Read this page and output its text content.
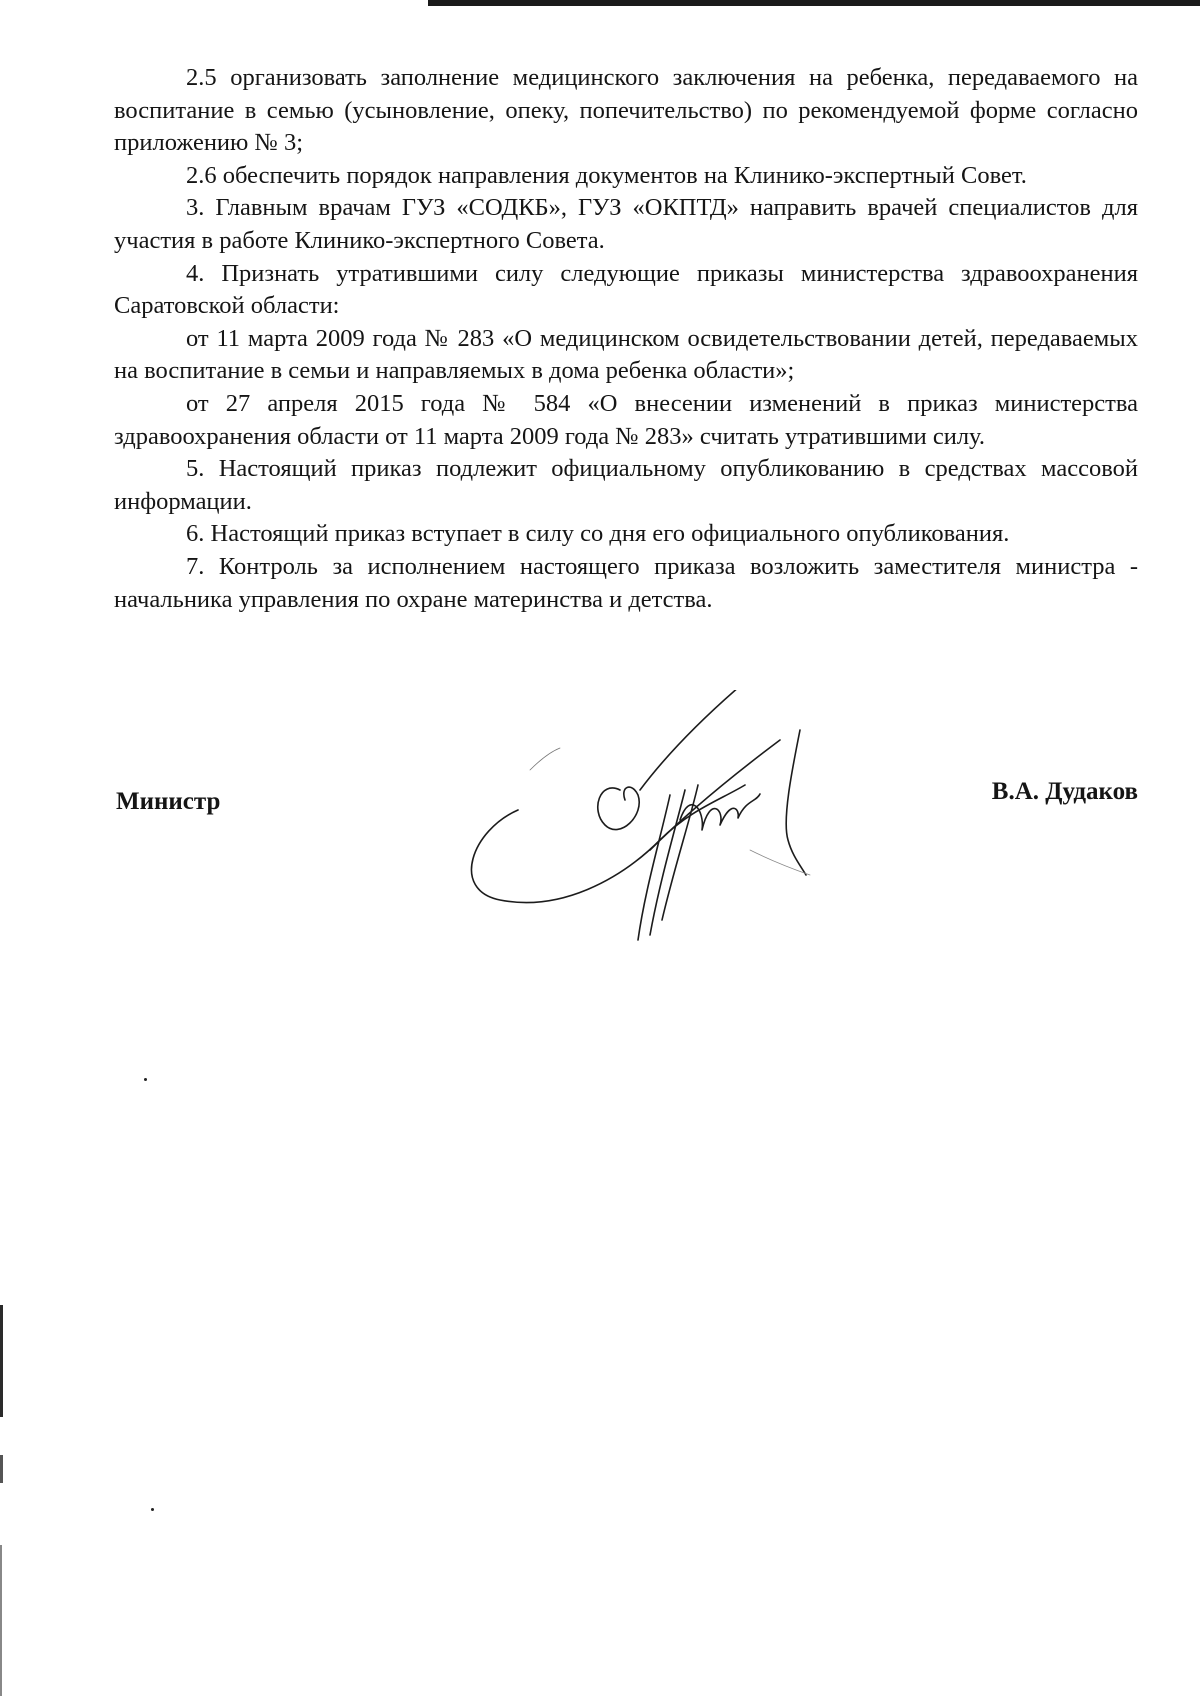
2.5 организовать заполнение медицинского заключения на ребенка, передаваемого на воспитание в семью (усыновление, опеку, попечительство) по рекомендуемой форме согласно приложению № 3;

2.6 обеспечить порядок направления документов на Клинико-экспертный Совет.

3. Главным врачам ГУЗ «СОДКБ», ГУЗ «ОКПТД» направить врачей специалистов для участия в работе Клинико-экспертного Совета.

4. Признать утратившими силу следующие приказы министерства здравоохранения Саратовской области:

от 11 марта 2009 года № 283 «О медицинском освидетельствовании детей, передаваемых на воспитание в семьи и направляемых в дома ребенка области»;

от 27 апреля 2015 года № 584 «О внесении изменений в приказ министерства здравоохранения области от 11 марта 2009 года № 283» считать утратившими силу.

5. Настоящий приказ подлежит официальному опубликованию в средствах массовой информации.

6. Настоящий приказ вступает в силу со дня его официального опубликования.

7. Контроль за исполнением настоящего приказа возложить заместителя министра - начальника управления по охране материнства и детства.

Министр	В.А. Дудаков
